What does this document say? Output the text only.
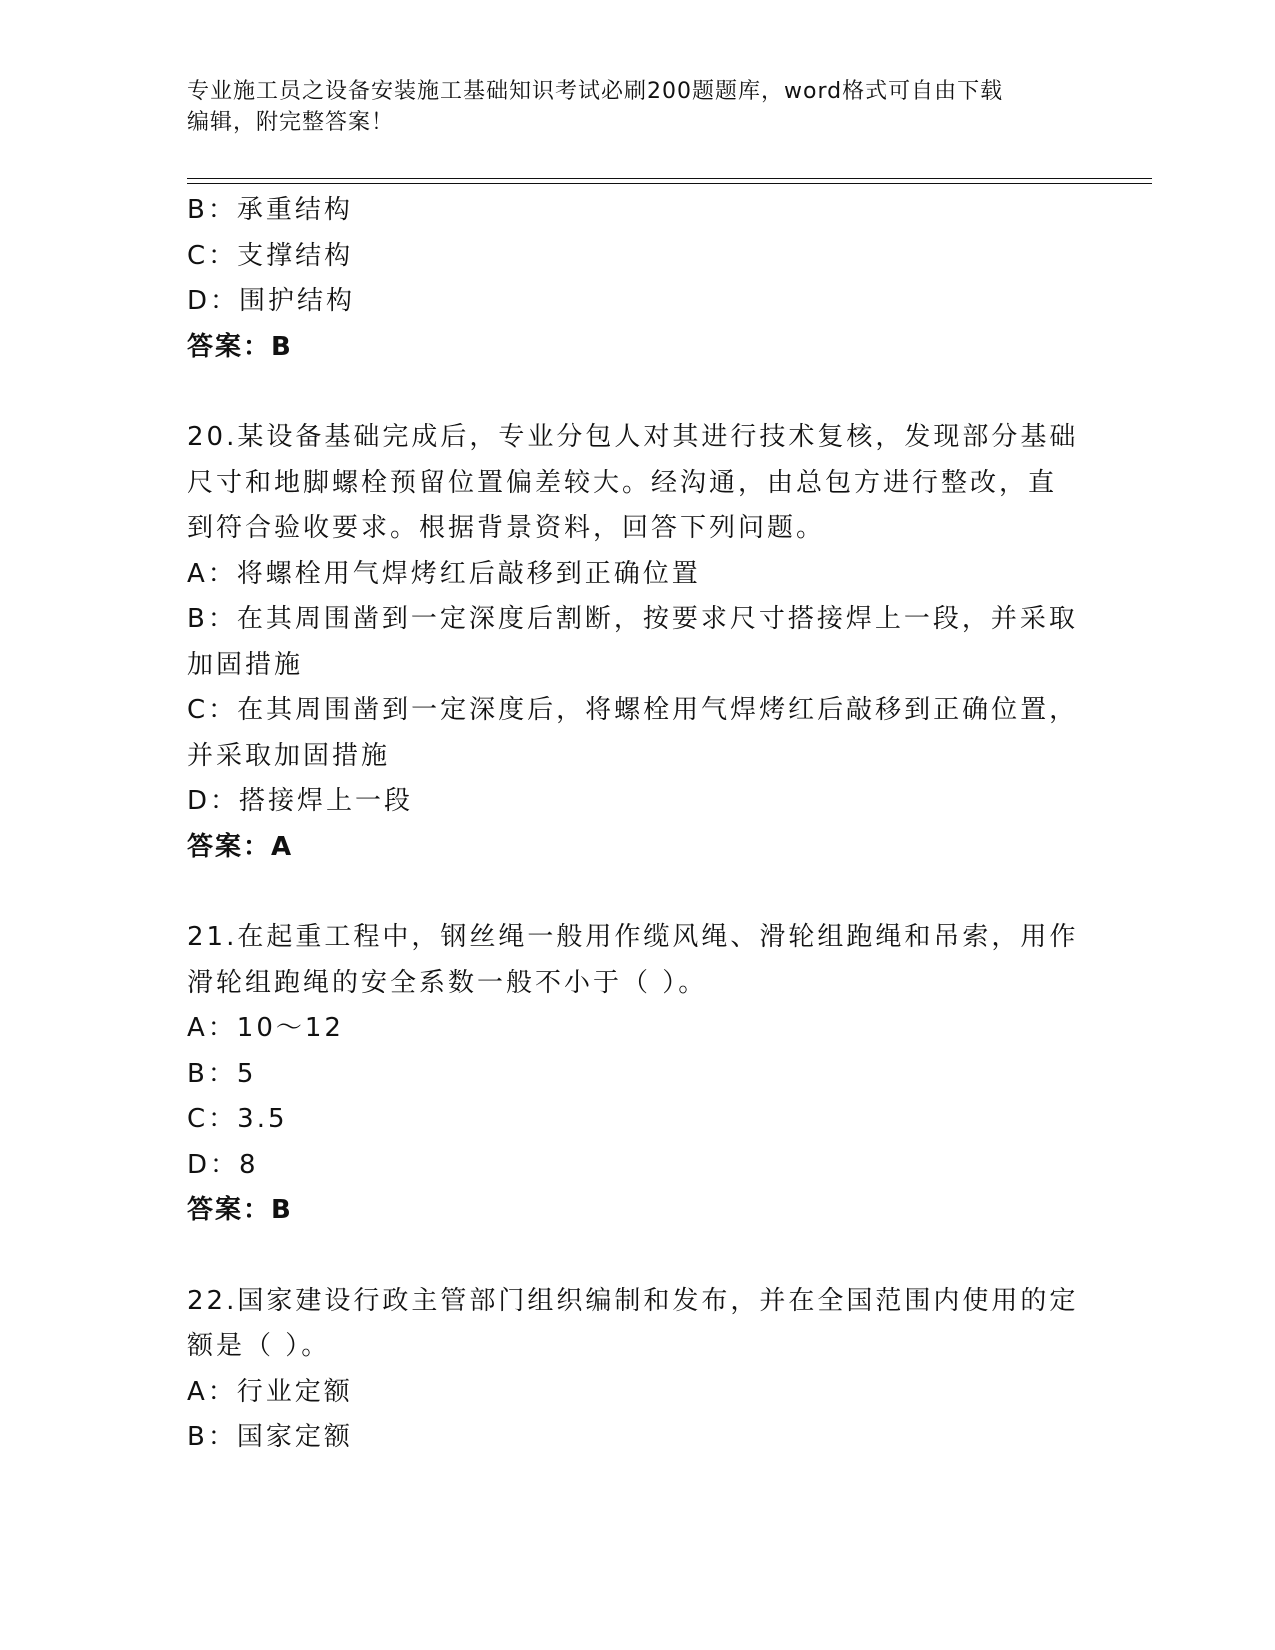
专业施工员之设备安装施工基础知识考试必刷200题题库，word格式可自由下载
编辑，附完整答案！
B：承重结构
C：支撑结构
D：围护结构
答案：B
20.某设备基础完成后，专业分包人对其进行技术复核，发现部分基础
尺寸和地脚螺栓预留位置偏差较大。经沟通，由总包方进行整改，直
到符合验收要求。根据背景资料，回答下列问题。
A：将螺栓用气焊烤红后敲移到正确位置
B：在其周围凿到一定深度后割断，按要求尺寸搭接焊上一段，并采取
加固措施
C：在其周围凿到一定深度后，将螺栓用气焊烤红后敲移到正确位置，
并采取加固措施
D：搭接焊上一段
答案：A
21.在起重工程中，钢丝绳一般用作缆风绳、滑轮组跑绳和吊索，用作
滑轮组跑绳的安全系数一般不小于（ ）。
A：10～12
B：5
C：3.5
D：8
答案：B
22.国家建设行政主管部门组织编制和发布，并在全国范围内使用的定
额是（ ）。
A：行业定额
B：国家定额
